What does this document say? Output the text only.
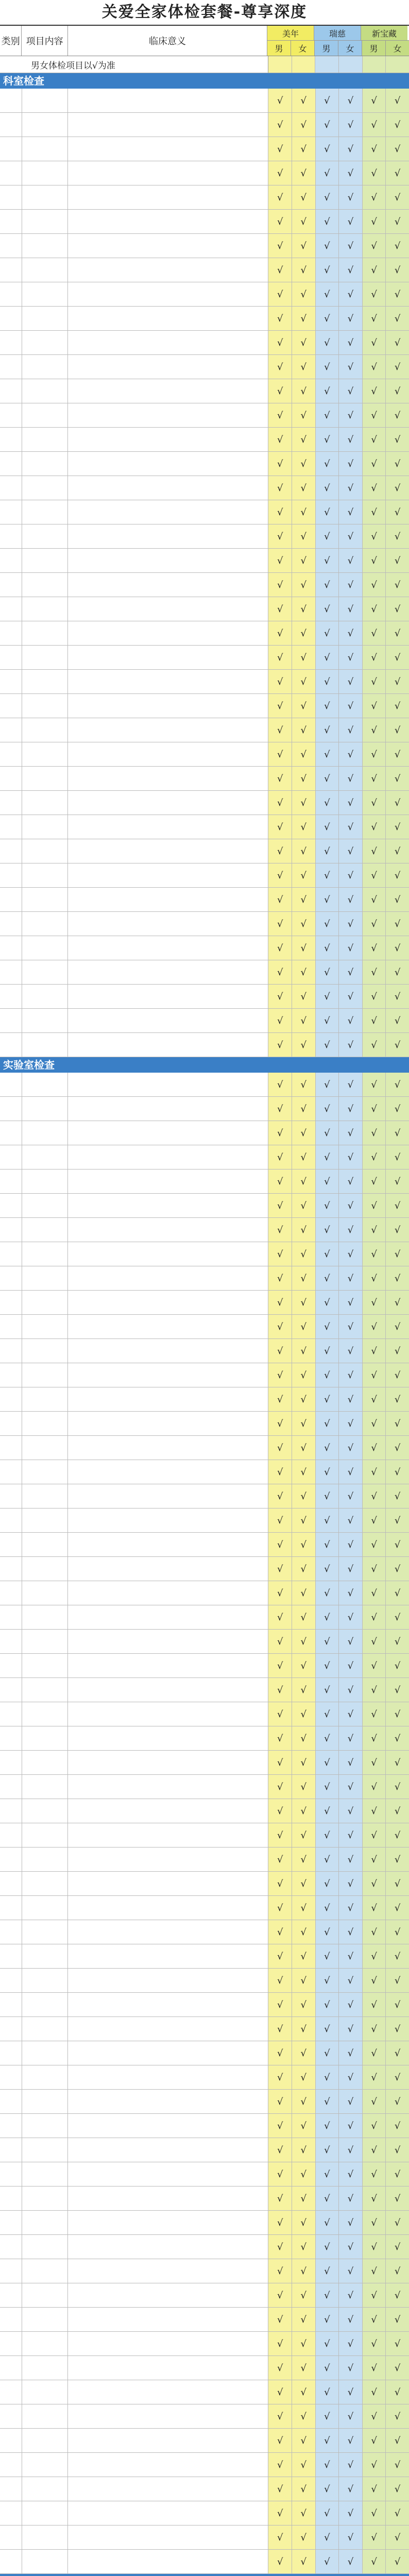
关爱全家体检套餐-尊享深度
类别 项目内容	临床意义
美年	瑞慈	新宝藏
男	女	男	女	男	女
男女体检项目以√为准
科室检查
√	√	√	√	√	√
√	√	√	√	√	√
√	√	√	√	√	√
√	√	√	√	√	√
√	√	√	√	√	√
√	√	√	√	√	√
√	√	√	√	√	√
√	√	√	√	√	√
√	√	√	√	√	√
√	√	√	√	√	√
√	√	√	√	√	√
√	√	√	√	√	√
√	√	√	√	√	√
√	√	√	√	√	√
√	√	√	√	√	√
√	√	√	√	√	√
√	√	√	√	√	√
√	√	√	√	√	√
√	√	√	√	√	√
√	√	√	√	√	√
√	√	√	√	√	√
√	√	√	√	√	√
√	√	√	√	√	√
√	√	√	√	√	√
√	√	√	√	√	√
√	√	√	√	√	√
√	√	√	√	√	√
√	√	√	√	√	√
√	√	√	√	√	√
√	√	√	√	√	√
√	√	√	√	√	√
√	√	√	√	√	√
√	√	√	√	√	√
√	√	√	√	√	√
√	√	√	√	√	√
√	√	√	√	√	√
√	√	√	√	√	√
√	√	√	√	√	√
√	√	√	√	√	√
√	√	√	√	√	√
实验室检查
√	√	√	√	√	√
√	√	√	√	√	√
√	√	√	√	√	√
√	√	√	√	√	√
√	√	√	√	√	√
√	√	√	√	√	√
√	√	√	√	√	√
√	√	√	√	√	√
√	√	√	√	√	√
√	√	√	√	√	√
√	√	√	√	√	√
√	√	√	√	√	√
√	√	√	√	√	√
√	√	√	√	√	√
√	√	√	√	√	√
√	√	√	√	√	√
√	√	√	√	√	√
√	√	√	√	√	√
√	√	√	√	√	√
√	√	√	√	√	√
√	√	√	√	√	√
√	√	√	√	√	√
√	√	√	√	√	√
√	√	√	√	√	√
√	√	√	√	√	√
√	√	√	√	√	√
√	√	√	√	√	√
√	√	√	√	√	√
√	√	√	√	√	√
√	√	√	√	√	√
√	√	√	√	√	√
√	√	√	√	√	√
√	√	√	√	√	√
√	√	√	√	√	√
√	√	√	√	√	√
√	√	√	√	√	√
√	√	√	√	√	√
√	√	√	√	√	√
√	√	√	√	√	√
√	√	√	√	√	√
√	√	√	√	√	√
√	√	√	√	√	√
√	√	√	√	√	√
√	√	√	√	√	√
√	√	√	√	√	√
√	√	√	√	√	√
√	√	√	√	√	√
√	√	√	√	√	√
√	√	√	√	√	√
√	√	√	√	√	√
√	√	√	√	√	√
√	√	√	√	√	√
√	√	√	√	√	√
√	√	√	√	√	√
√	√	√	√	√	√
√	√	√	√	√	√
√	√	√	√	√	√
√	√	√	√	√	√
√	√	√	√	√	√
√	√	√	√	√	√
√	√	√	√	√	√
√	√	√	√	√	√
